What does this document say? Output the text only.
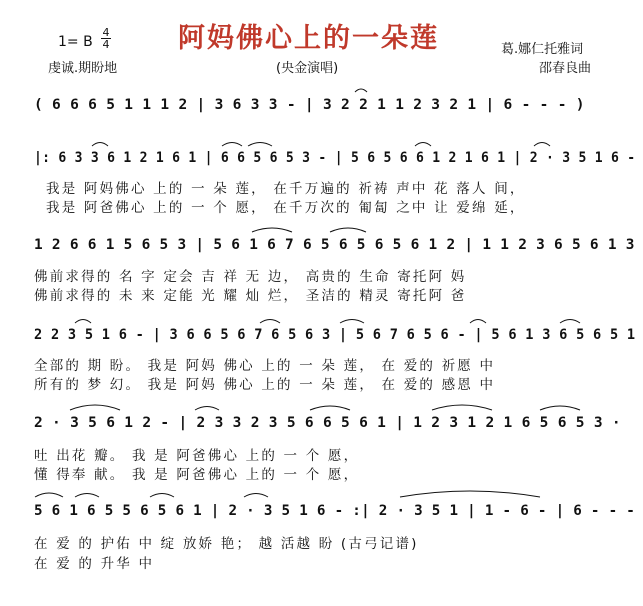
阿妈佛心上的一朵莲
1= B
4
4
虔诚.期盼地	(央金演唱)
葛.娜仁托雅词
邵春良曲
( 6 6 6 5 1 1 1 2 | 3 6 3 3 - | 3 2 2 1 1 2 3 2 1 | 6 - - - )
|: 6 3 3 6 1 2 1 6 1 | 6 6 5 6 5 3 - | 5 6 5 6 6 1 2 1 6 1 | 2 · 3 5 1 6 -
我是 阿妈佛心 上的 一 朵 莲， 在千万遍的 祈祷 声中 花 落人 间，
我是 阿爸佛心 上的 一 个 愿， 在千万次的 匍匐 之中 让 爱绵 延，
1 2 6 6 1 5 6 5 3 | 5 6 1 6 7 6 5 6 5 6 5 6 1 2 | 1 1 2 3 6 5 6 1 3
佛前求得的 名 字 定会 吉 祥 无 边， 高贵的 生命 寄托阿 妈
佛前求得的 未 来 定能 光 耀 灿 烂， 圣洁的 精灵 寄托阿 爸
2 2 3 5 1 6 - | 3 6 6 5 6 7 6 5 6 3 | 5 6 7 6 5 6 - | 5 6 1 3 6 5 6 5 1
全部的 期 盼。 我是 阿妈 佛心 上的 一 朵 莲， 在 爱的 祈愿 中
所有的 梦 幻。 我是 阿妈 佛心 上的 一 朵 莲， 在 爱的 感恩 中
2 · 3 5 6 1 2 - | 2 3 3 2 3 5 6 6 5 6 1 | 1 2 3 1 2 1 6 5 6 5 3 ·
吐 出花 瓣。 我 是 阿爸佛心 上的 一 个 愿，
懂 得奉 献。 我 是 阿爸佛心 上的 一 个 愿，
5 6 1 6 5 5 6 5 6 1 | 2 · 3 5 1 6 - :| 2 · 3 5 1 | 1 - 6 - | 6 - - -
在 爱 的 护佑 中 绽 放娇 艳； 越 活越 盼 (古弓记谱)
在 爱 的 升华 中
